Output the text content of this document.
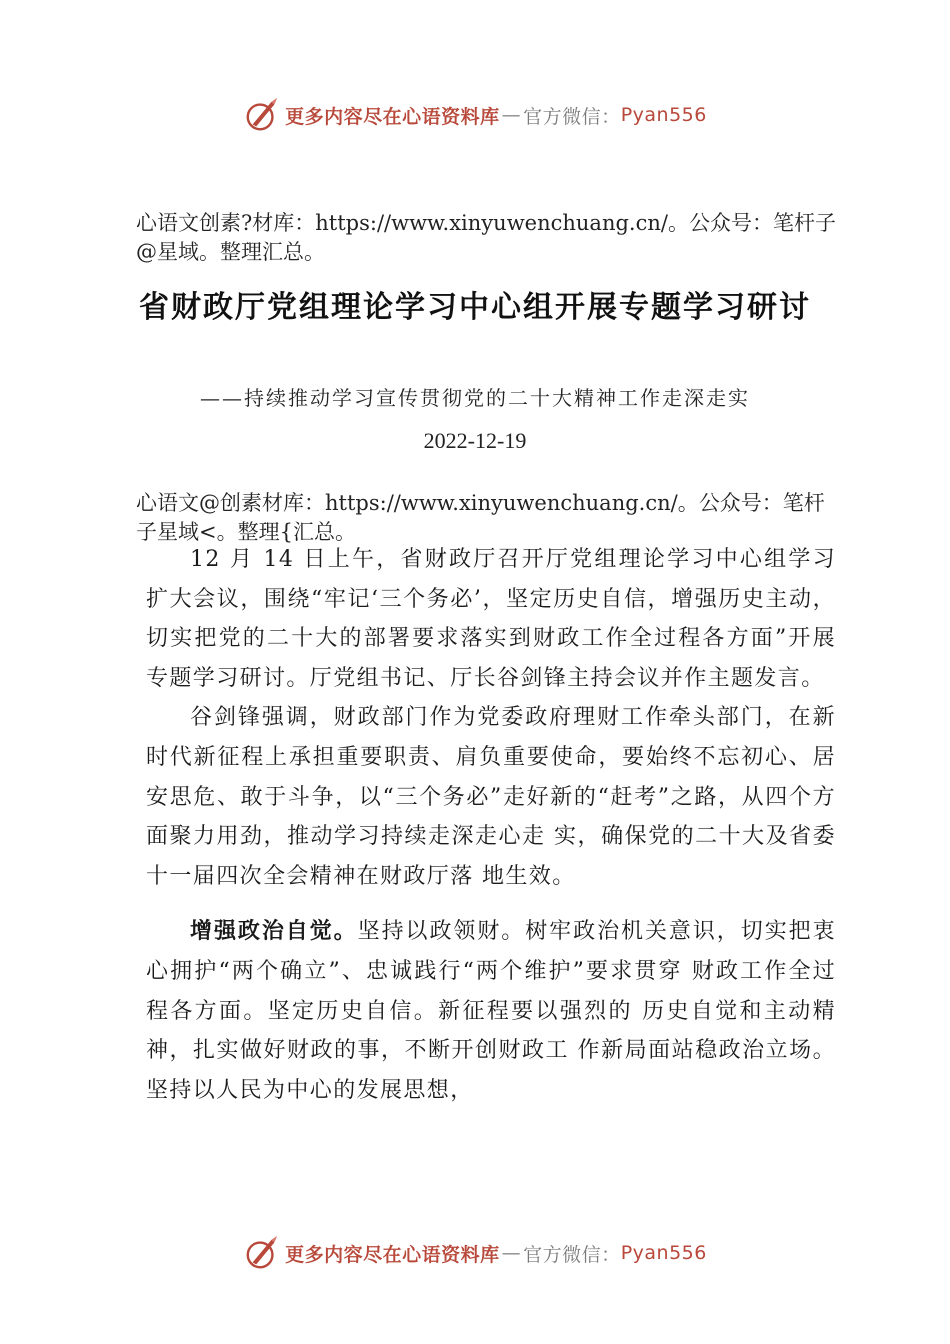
更多内容尽在心语资料库 — 官方微信： Pyan556
心语文创素?材库：https://www.xinyuwenchuang.cn/。公众号：笔杆子@星域。整理汇总。
省财政厅党组理论学习中心组开展专题学习研讨
——持续推动学习宣传贯彻党的二十大精神工作走深走实
2022-12-19
心语文@创素材库：https://www.xinyuwenchuang.cn/。公众号：笔杆子星域<。整理{汇总。

12 月 14 日上午，省财政厅召开厅党组理论学习中心组学习扩大会议，围绕“牢记‘三个务必’，坚定历史自信，增强历史主动，切实把党的二十大的部署要求落实到财政工作全过程各方面”开展专题学习研讨。厅党组书记、厅长谷剑锋主持会议并作主题发言。

谷剑锋强调，财政部门作为党委政府理财工作牵头部门，在新时代新征程上承担重要职责、肩负重要使命，要始终不忘初心、居安思危、敢于斗争，以“三个务必”走好新的“赶考”之路，从四个方面聚力用劲，推动学习持续走深走心走 实，确保党的二十大及省委十一届四次全会精神在财政厅落 地生效。

增强政治自觉。坚持以政领财。树牢政治机关意识，切实把衷心拥护“两个确立”、忠诚践行“两个维护”要求贯穿 财政工作全过程各方面。坚定历史自信。新征程要以强烈的 历史自觉和主动精神，扎实做好财政的事，不断开创财政工 作新局面站稳政治立场。坚持以人民为中心的发展思想，

更多内容尽在心语资料库 — 官方微信： Pyan556
